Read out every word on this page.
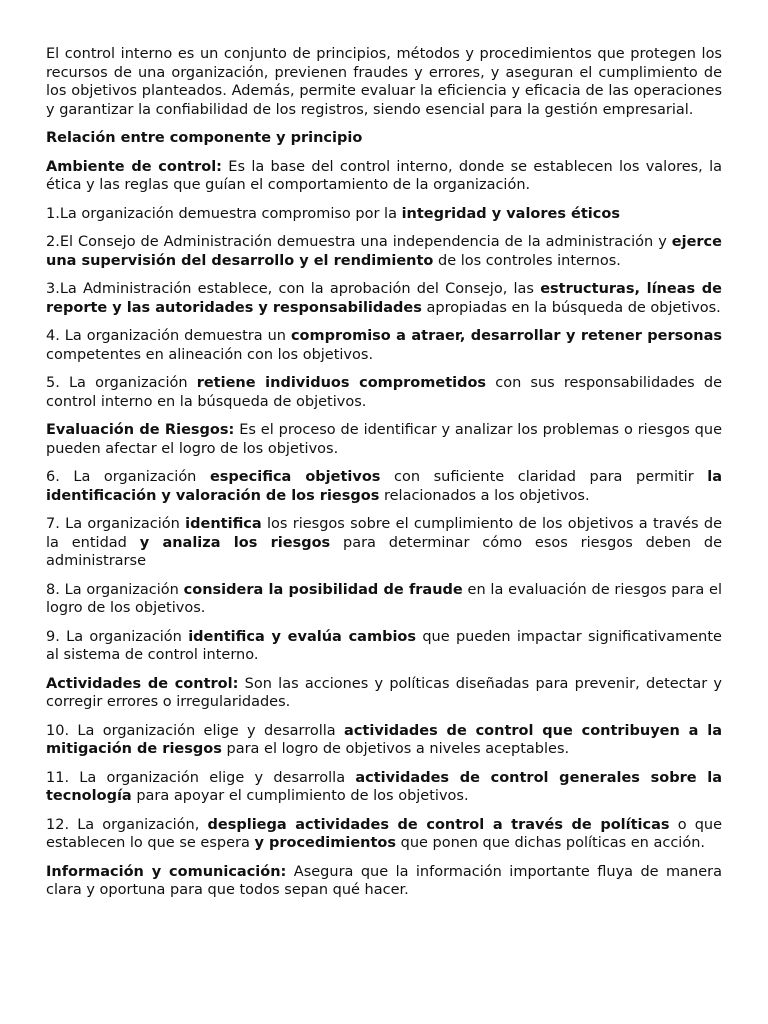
El control interno es un conjunto de principios, métodos y procedimientos que protegen los recursos de una organización, previenen fraudes y errores, y aseguran el cumplimiento de los objetivos planteados. Además, permite evaluar la eficiencia y eficacia de las operaciones y garantizar la confiabilidad de los registros, siendo esencial para la gestión empresarial.

Relación entre componente y principio

Ambiente de control: Es la base del control interno, donde se establecen los valores, la ética y las reglas que guían el comportamiento de la organización.

1.La organización demuestra compromiso por la integridad y valores éticos

2.El Consejo de Administración demuestra una independencia de la administración y ejerce una supervisión del desarrollo y el rendimiento de los controles internos.

3.La Administración establece, con la aprobación del Consejo, las estructuras, líneas de reporte y las autoridades y responsabilidades apropiadas en la búsqueda de objetivos.

4. La organización demuestra un compromiso a atraer, desarrollar y retener personas competentes en alineación con los objetivos.

5. La organización retiene individuos comprometidos con sus responsabilidades de control interno en la búsqueda de objetivos.

Evaluación de Riesgos: Es el proceso de identificar y analizar los problemas o riesgos que pueden afectar el logro de los objetivos.

6. La organización especifica objetivos con suficiente claridad para permitir la identificación y valoración de los riesgos relacionados a los objetivos.

7. La organización identifica los riesgos sobre el cumplimiento de los objetivos a través de la entidad y analiza los riesgos para determinar cómo esos riesgos deben de administrarse

8. La organización considera la posibilidad de fraude en la evaluación de riesgos para el logro de los objetivos.

9. La organización identifica y evalúa cambios que pueden impactar significativamente al sistema de control interno.

Actividades de control: Son las acciones y políticas diseñadas para prevenir, detectar y corregir errores o irregularidades.

10. La organización elige y desarrolla actividades de control que contribuyen a la mitigación de riesgos para el logro de objetivos a niveles aceptables.

11. La organización elige y desarrolla actividades de control generales sobre la tecnología para apoyar el cumplimiento de los objetivos.

12. La organización, despliega actividades de control a través de políticas o que establecen lo que se espera y procedimientos que ponen que dichas políticas en acción.

Información y comunicación: Asegura que la información importante fluya de manera clara y oportuna para que todos sepan qué hacer.
